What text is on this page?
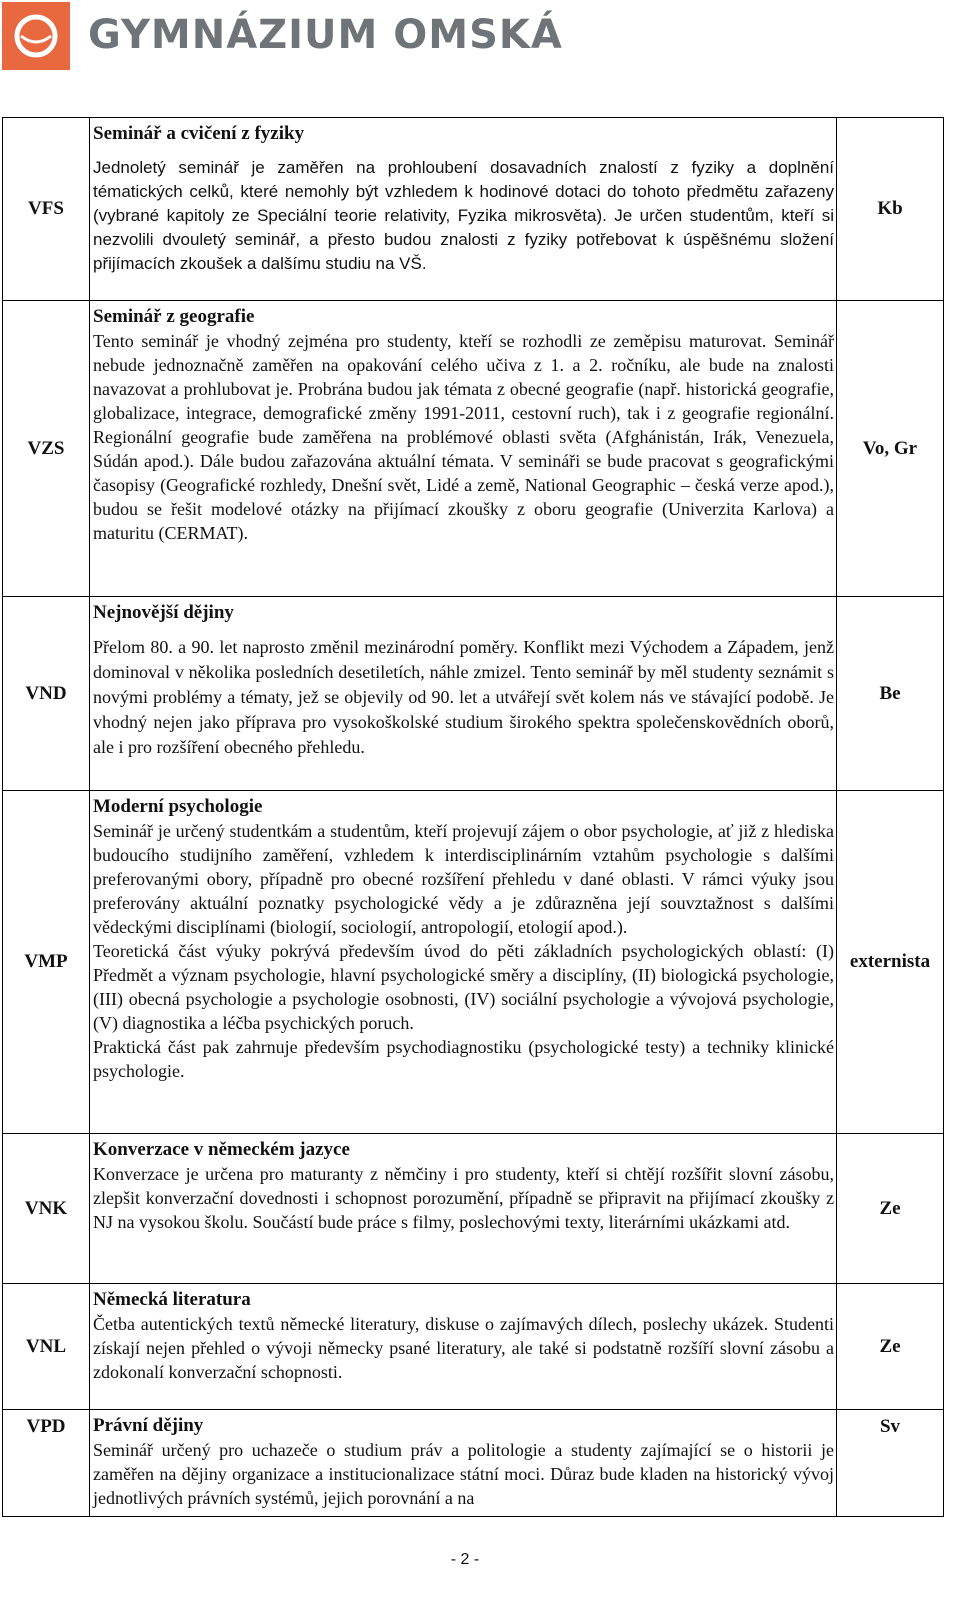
GYMNÁZIUM OMSKÁ
VFS	Seminář a cvičení z fyziky
Jednoletý seminář je zaměřen na prohloubení dosavadních znalostí z fyziky a doplnění tématických celků, které nemohly být vzhledem k hodinové dotaci do tohoto předmětu zařazeny (vybrané kapitoly ze Speciální teorie relativity, Fyzika mikrosvěta). Je určen studentům, kteří si nezvolili dvouletý seminář, a přesto budou znalosti z fyziky potřebovat k úspěšnému složení přijímacích zkoušek a dalšímu studiu na VŠ.	Kb
VZS	Seminář z geografie
Tento seminář je vhodný zejména pro studenty, kteří se rozhodli ze zeměpisu maturovat. Seminář nebude jednoznačně zaměřen na opakování celého učiva z 1. a 2. ročníku, ale bude na znalosti navazovat a prohlubovat je. Probrána budou jak témata z obecné geografie (např. historická geografie, globalizace, integrace, demografické změny 1991-2011, cestovní ruch), tak i z geografie regionální. Regionální geografie bude zaměřena na problémové oblasti světa (Afghánistán, Irák, Venezuela, Súdán apod.). Dále budou zařazována aktuální témata. V semináři se bude pracovat s geografickými časopisy (Geografické rozhledy, Dnešní svět, Lidé a země, National Geographic – česká verze apod.), budou se řešit modelové otázky na přijímací zkoušky z oboru geografie (Univerzita Karlova) a maturitu (CERMAT).	Vo, Gr
VND	Nejnovější dějiny
Přelom 80. a 90. let naprosto změnil mezinárodní poměry. Konflikt mezi Východem a Západem, jenž dominoval v několika posledních desetiletích, náhle zmizel. Tento seminář by měl studenty seznámit s novými problémy a tématy, jež se objevily od 90. let a utvářejí svět kolem nás ve stávající podobě. Je vhodný nejen jako příprava pro vysokoškolské studium širokého spektra společenskovědních oborů, ale i pro rozšíření obecného přehledu.	Be
VMP	Moderní psychologie
Seminář je určený studentkám a studentům, kteří projevují zájem o obor psychologie, ať již z hlediska budoucího studijního zaměření, vzhledem k interdisciplinárním vztahům psychologie s dalšími preferovanými obory, případně pro obecné rozšíření přehledu v dané oblasti. V rámci výuky jsou preferovány aktuální poznatky psychologické vědy a je zdůrazněna její souvztažnost s dalšími vědeckými disciplínami (biologií, sociologií, antropologií, etologií apod.).
Teoretická část výuky pokrývá především úvod do pěti základních psychologických oblastí: (I) Předmět a význam psychologie, hlavní psychologické směry a disciplíny, (II) biologická psychologie, (III) obecná psychologie a psychologie osobnosti, (IV) sociální psychologie a vývojová psychologie, (V) diagnostika a léčba psychických poruch.
Praktická část pak zahrnuje především psychodiagnostiku (psychologické testy) a techniky klinické psychologie.	externista
VNK	Konverzace v německém jazyce
Konverzace je určena pro maturanty z němčiny i pro studenty, kteří si chtějí rozšířit slovní zásobu, zlepšit konverzační dovednosti i schopnost porozumění, případně se připravit na přijímací zkoušky z NJ na vysokou školu. Součástí bude práce s filmy, poslechovými texty, literárními ukázkami atd.	Ze
VNL	Německá literatura
Četba autentických textů německé literatury, diskuse o zajímavých dílech, poslechy ukázek. Studenti získají nejen přehled o vývoji německy psané literatury, ale také si podstatně rozšíří slovní zásobu a zdokonalí konverzační schopnosti.	Ze
VPD	Právní dějiny
Seminář určený pro uchazeče o studium práv a politologie a studenty zajímající se o historii je zaměřen na dějiny organizace a institucionalizace státní moci. Důraz bude kladen na historický vývoj jednotlivých právních systémů, jejich porovnání a na	Sv
- 2 -
